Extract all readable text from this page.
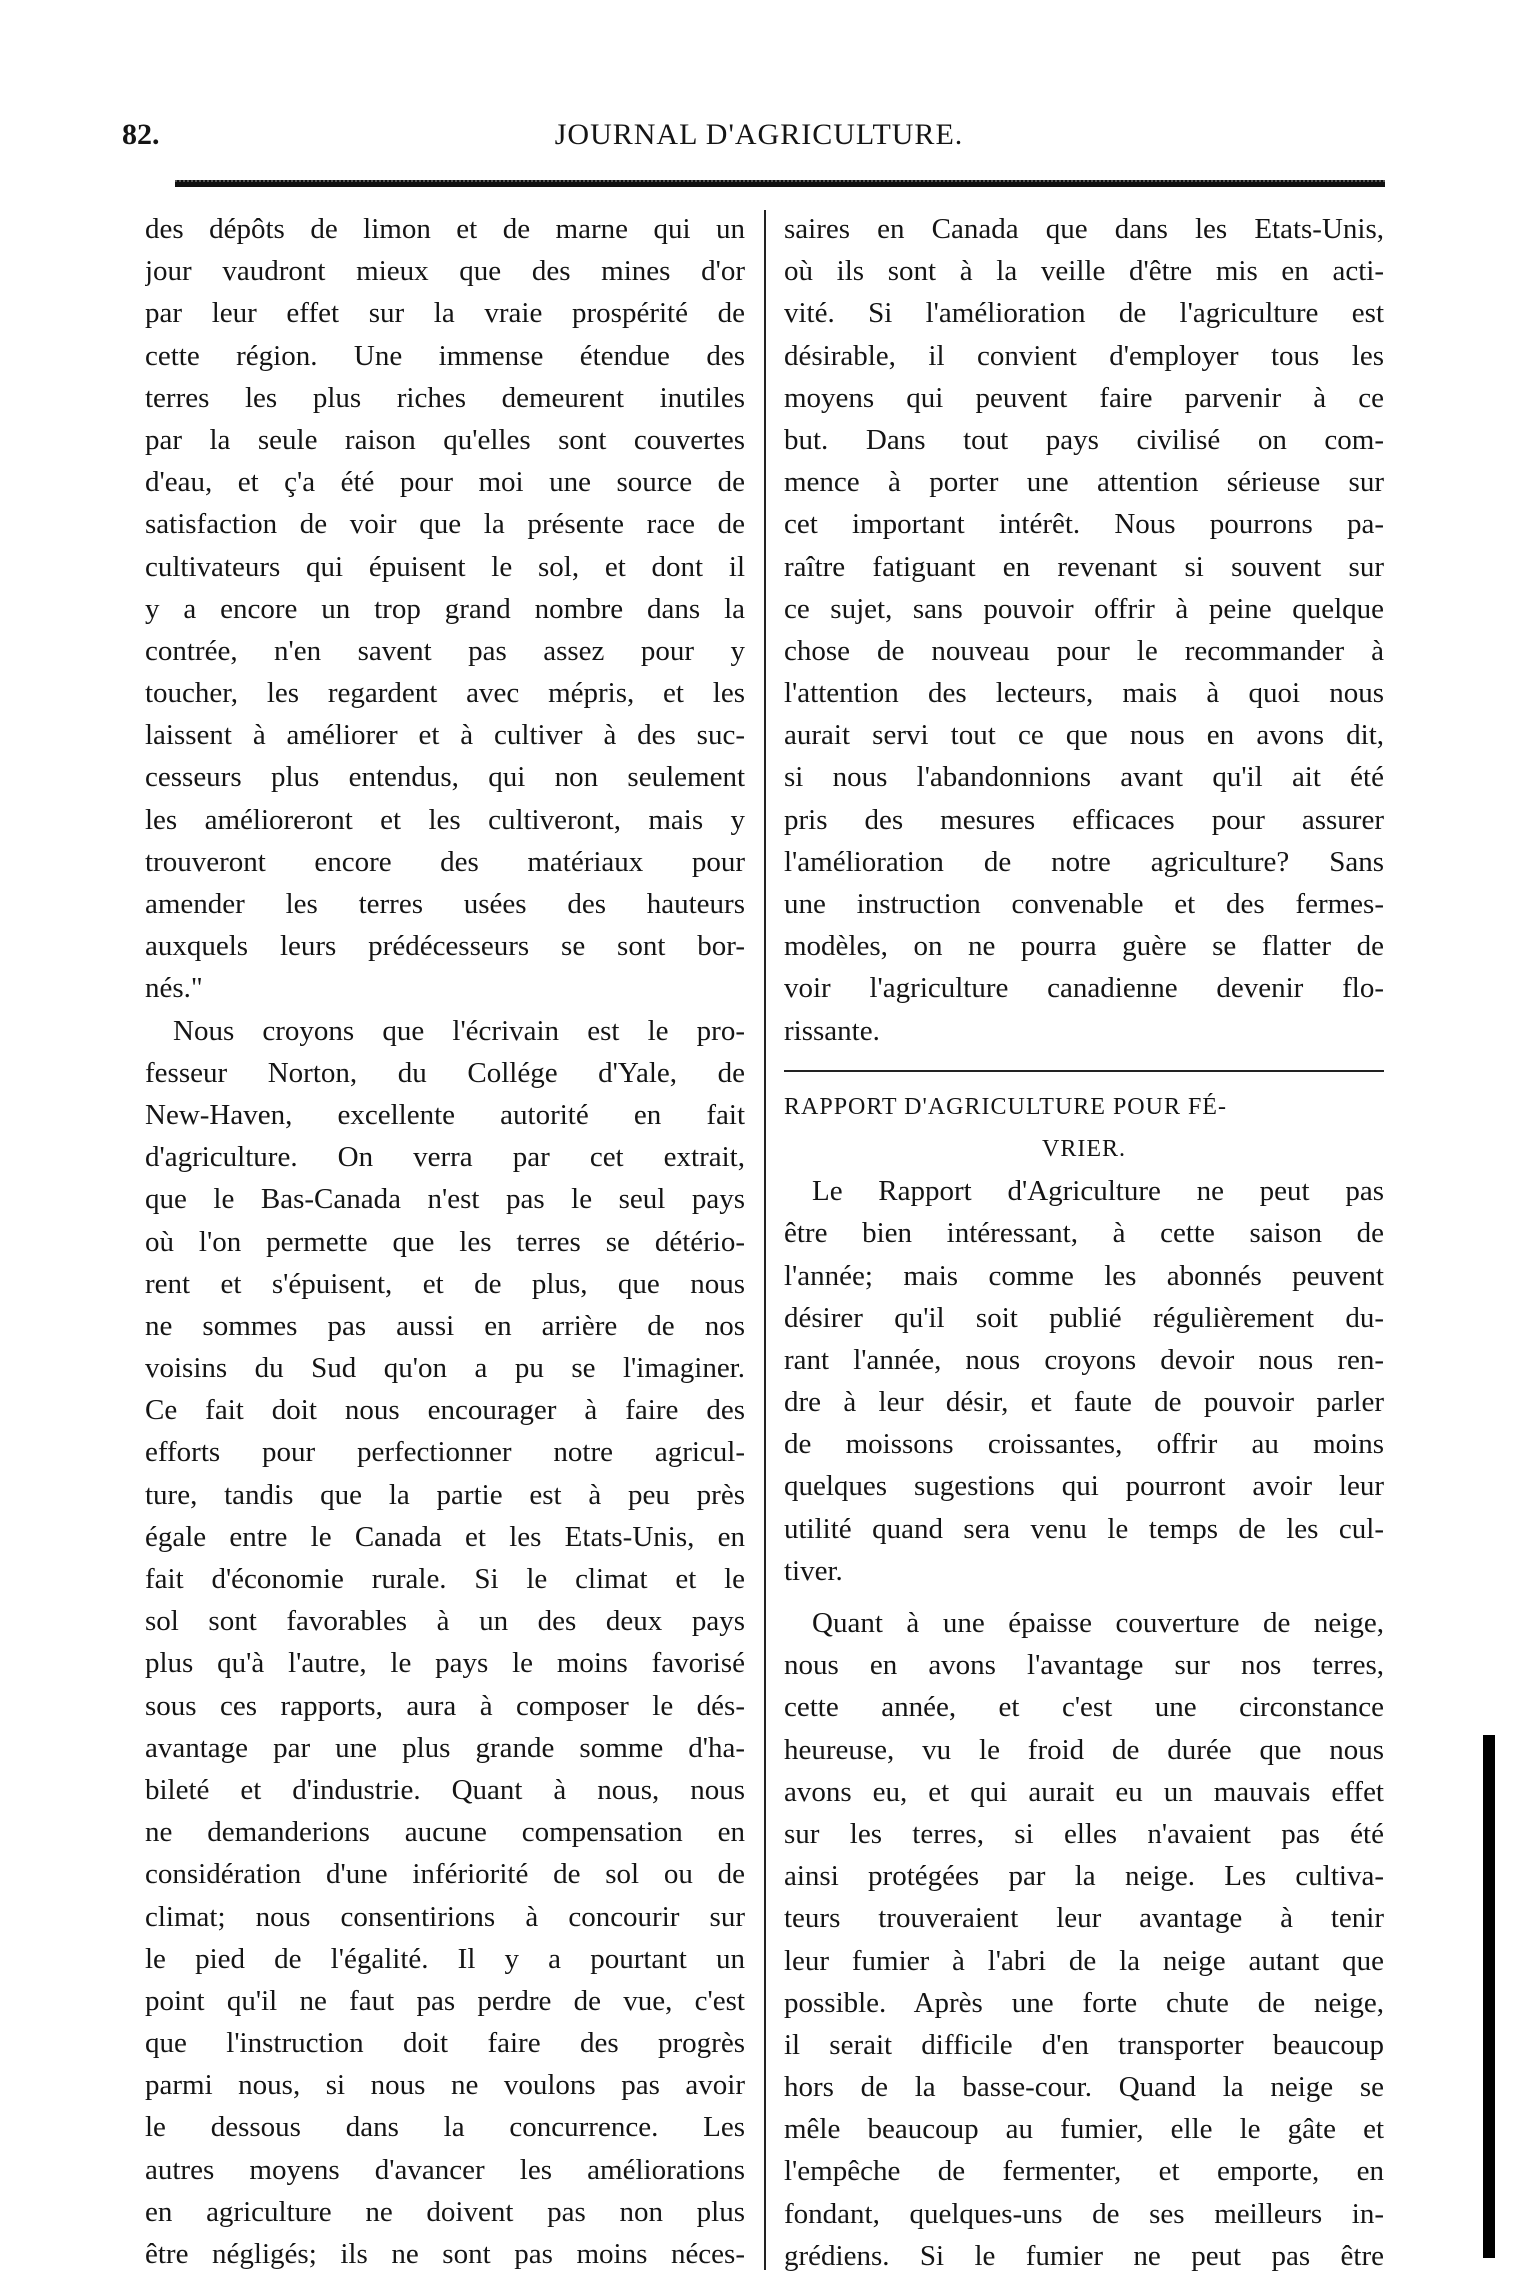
82.	JOURNAL D'AGRICULTURE.
des dépôts de limon et de marne qui un
jour vaudront mieux que des mines d'or
par leur effet sur la vraie prospérité de
cette région. Une immense étendue des
terres les plus riches demeurent inutiles
par la seule raison qu'elles sont couvertes
d'eau, et ç'a été pour moi une source de
satisfaction de voir que la présente race de
cultivateurs qui épuisent le sol, et dont il
y a encore un trop grand nombre dans la
contrée, n'en savent pas assez pour y
toucher, les regardent avec mépris, et les
laissent à améliorer et à cultiver à des suc-
cesseurs plus entendus, qui non seulement
les amélioreront et les cultiveront, mais y
trouveront encore des matériaux pour
amender les terres usées des hauteurs
auxquels leurs prédécesseurs se sont bor-
nés."
Nous croyons que l'écrivain est le pro-
fesseur Norton, du Collége d'Yale, de
New-Haven, excellente autorité en fait
d'agriculture. On verra par cet extrait,
que le Bas-Canada n'est pas le seul pays
où l'on permette que les terres se détério-
rent et s'épuisent, et de plus, que nous
ne sommes pas aussi en arrière de nos
voisins du Sud qu'on a pu se l'imaginer.
Ce fait doit nous encourager à faire des
efforts pour perfectionner notre agricul-
ture, tandis que la partie est à peu près
égale entre le Canada et les Etats-Unis, en
fait d'économie rurale. Si le climat et le
sol sont favorables à un des deux pays
plus qu'à l'autre, le pays le moins favorisé
sous ces rapports, aura à composer le dés-
avantage par une plus grande somme d'ha-
bileté et d'industrie. Quant à nous, nous
ne demanderions aucune compensation en
considération d'une infériorité de sol ou de
climat; nous consentirions à concourir sur
le pied de l'égalité. Il y a pourtant un
point qu'il ne faut pas perdre de vue, c'est
que l'instruction doit faire des progrès
parmi nous, si nous ne voulons pas avoir
le dessous dans la concurrence. Les
autres moyens d'avancer les améliorations
en agriculture ne doivent pas non plus
être négligés; ils ne sont pas moins néces-
saires en Canada que dans les Etats-Unis,
où ils sont à la veille d'être mis en acti-
vité. Si l'amélioration de l'agriculture est
désirable, il convient d'employer tous les
moyens qui peuvent faire parvenir à ce
but. Dans tout pays civilisé on com-
mence à porter une attention sérieuse sur
cet important intérêt. Nous pourrons pa-
raître fatiguant en revenant si souvent sur
ce sujet, sans pouvoir offrir à peine quelque
chose de nouveau pour le recommander à
l'attention des lecteurs, mais à quoi nous
aurait servi tout ce que nous en avons dit,
si nous l'abandonnions avant qu'il ait été
pris des mesures efficaces pour assurer
l'amélioration de notre agriculture? Sans
une instruction convenable et des fermes-
modèles, on ne pourra guère se flatter de
voir l'agriculture canadienne devenir flo-
rissante.
RAPPORT D'AGRICULTURE POUR FÉ-
VRIER.
Le Rapport d'Agriculture ne peut pas
être bien intéressant, à cette saison de
l'année; mais comme les abonnés peuvent
désirer qu'il soit publié régulièrement du-
rant l'année, nous croyons devoir nous ren-
dre à leur désir, et faute de pouvoir parler
de moissons croissantes, offrir au moins
quelques sugestions qui pourront avoir leur
utilité quand sera venu le temps de les cul-
tiver.
Quant à une épaisse couverture de neige,
nous en avons l'avantage sur nos terres,
cette année, et c'est une circonstance
heureuse, vu le froid de durée que nous
avons eu, et qui aurait eu un mauvais effet
sur les terres, si elles n'avaient pas été
ainsi protégées par la neige. Les cultiva-
teurs trouveraient leur avantage à tenir
leur fumier à l'abri de la neige autant que
possible. Après une forte chute de neige,
il serait difficile d'en transporter beaucoup
hors de la basse-cour. Quand la neige se
mêle beaucoup au fumier, elle le gâte et
l'empêche de fermenter, et emporte, en
fondant, quelques-uns de ses meilleurs in-
grédiens. Si le fumier ne peut pas être
